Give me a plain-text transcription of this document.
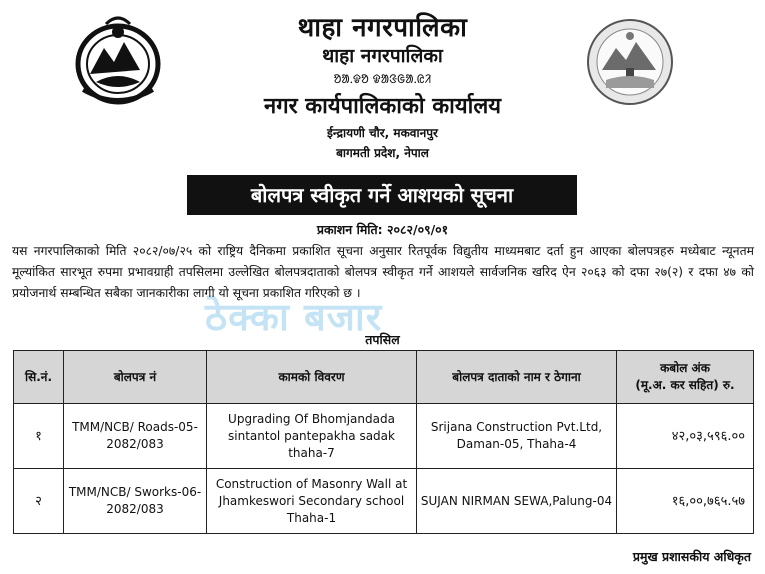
थाहा नगरपालिका
थाहा नगरपालिका
ᱚᱟᱹᱫᱚ ᱫᱟᱝᱜᱟᱹᱭᱤ
नगर कार्यपालिकाको कार्यालय
ईन्द्रायणी चौर, मकवानपुर
बागमती प्रदेश, नेपाल
बोलपत्र स्वीकृत गर्ने आशयको सूचना
प्रकाशन मिति: २०८२/०९/०१
ठेक्का बजार
यस नगरपालिकाको मिति २०८२/०७/२५ को राष्ट्रिय दैनिकमा प्रकाशित सूचना अनुसार रितपूर्वक विद्युतीय माध्यमबाट दर्ता हुन आएका बोलपत्रहरु मध्येबाट न्यूनतम मूल्यांकित सारभूत रुपमा प्रभावग्राही तपसिलमा उल्लेखित बोलपत्रदाताको बोलपत्र स्वीकृत गर्ने आशयले सार्वजनिक खरिद ऐन २०६३ को दफा २७(२) र दफा ४७ को प्रयोजनार्थ सम्बन्धित सबैका जानकारीका लागी यो सूचना प्रकाशित गरिएको छ ।
तपसिल
सि.नं.	बोलपत्र नं	कामको विवरण	बोलपत्र दाताको नाम र ठेगाना	कबोल अंक
(मू.अ. कर सहित) रु.

१	TMM/NCB/ Roads-05-2082/083	Upgrading Of Bhomjandada sintantol pantepakha sadak thaha-7	Srijana Construction Pvt.Ltd, Daman-05, Thaha-4	४२,०३,५९६.००
२	TMM/NCB/ Sworks-06-2082/083	Construction of Masonry Wall at Jhamkeswori Secondary school Thaha-1	SUJAN NIRMAN SEWA,Palung-04	१६,००,७६५.५७
प्रमुख प्रशासकीय अधिकृत
